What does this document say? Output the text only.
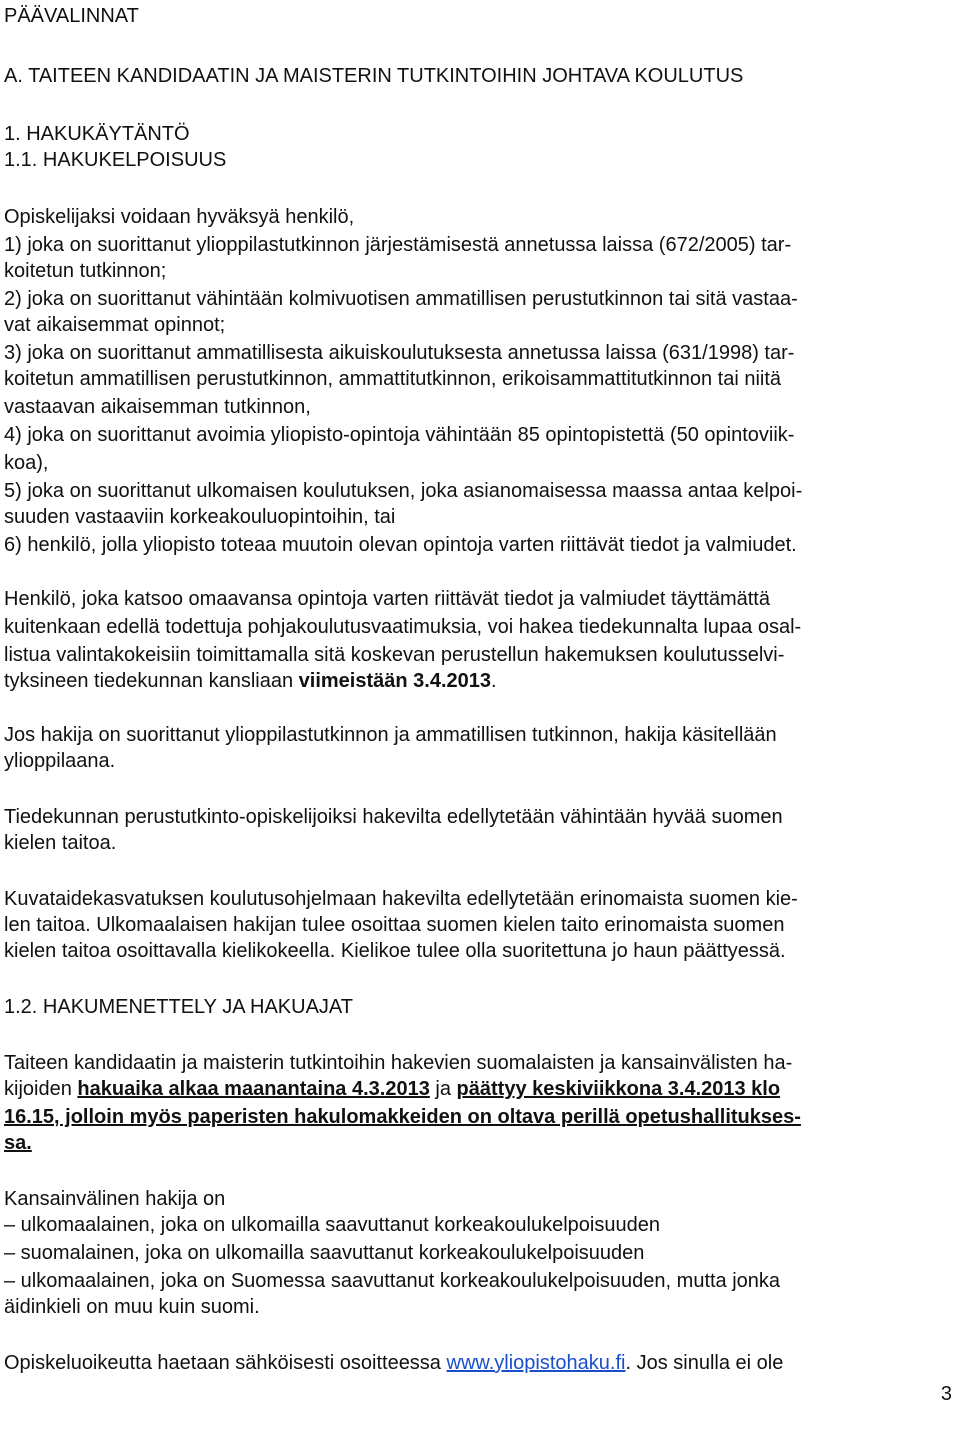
PÄÄVALINNAT
A. TAITEEN KANDIDAATIN JA MAISTERIN TUTKINTOIHIN JOHTAVA KOULUTUS
1. HAKUKÄYTÄNTÖ
1.1. HAKUKELPOISUUS
Opiskelijaksi voidaan hyväksyä henkilö,
1) joka on suorittanut ylioppilastutkinnon järjestämisestä annetussa laissa (672/2005) tar-
koitetun tutkinnon;
2) joka on suorittanut vähintään kolmivuotisen ammatillisen perustutkinnon tai sitä vastaa-
vat aikaisemmat opinnot;
3) joka on suorittanut ammatillisesta aikuiskoulutuksesta annetussa laissa (631/1998) tar-
koitetun ammatillisen perustutkinnon, ammattitutkinnon, erikoisammattitutkinnon tai niitä
vastaavan aikaisemman tutkinnon,
4) joka on suorittanut avoimia yliopisto-opintoja vähintään 85 opintopistettä (50 opintoviik-
koa),
5) joka on suorittanut ulkomaisen koulutuksen, joka asianomaisessa maassa antaa kelpoi-
suuden vastaaviin korkeakouluopintoihin, tai
6) henkilö, jolla yliopisto toteaa muutoin olevan opintoja varten riittävät tiedot ja valmiudet.
Henkilö, joka katsoo omaavansa opintoja varten riittävät tiedot ja valmiudet täyttämättä
kuitenkaan edellä todettuja pohjakoulutusvaatimuksia, voi hakea tiedekunnalta lupaa osal-
listua valintakokeisiin toimittamalla sitä koskevan perustellun hakemuksen koulutusselvi-
tyksineen tiedekunnan kansliaan viimeistään 3.4.2013.
Jos hakija on suorittanut ylioppilastutkinnon ja ammatillisen tutkinnon, hakija käsitellään
ylioppilaana.
Tiedekunnan perustutkinto-opiskelijoiksi hakevilta edellytetään vähintään hyvää suomen
kielen taitoa.
Kuvataidekasvatuksen koulutusohjelmaan hakevilta edellytetään erinomaista suomen kie-
len taitoa. Ulkomaalaisen hakijan tulee osoittaa suomen kielen taito erinomaista suomen
kielen taitoa osoittavalla kielikokeella. Kielikoe tulee olla suoritettuna jo haun päättyessä.
1.2. HAKUMENETTELY JA HAKUAJAT
Taiteen kandidaatin ja maisterin tutkintoihin hakevien suomalaisten ja kansainvälisten ha-
kijoiden hakuaika alkaa maanantaina 4.3.2013 ja päättyy keskiviikkona 3.4.2013 klo
16.15, jolloin myös paperisten hakulomakkeiden on oltava perillä opetushallitukses-
sa.
Kansainvälinen hakija on
– ulkomaalainen, joka on ulkomailla saavuttanut korkeakoulukelpoisuuden
– suomalainen, joka on ulkomailla saavuttanut korkeakoulukelpoisuuden
– ulkomaalainen, joka on Suomessa saavuttanut korkeakoulukelpoisuuden, mutta jonka
äidinkieli on muu kuin suomi.
Opiskeluoikeutta haetaan sähköisesti osoitteessa www.yliopistohaku.fi. Jos sinulla ei ole
3
